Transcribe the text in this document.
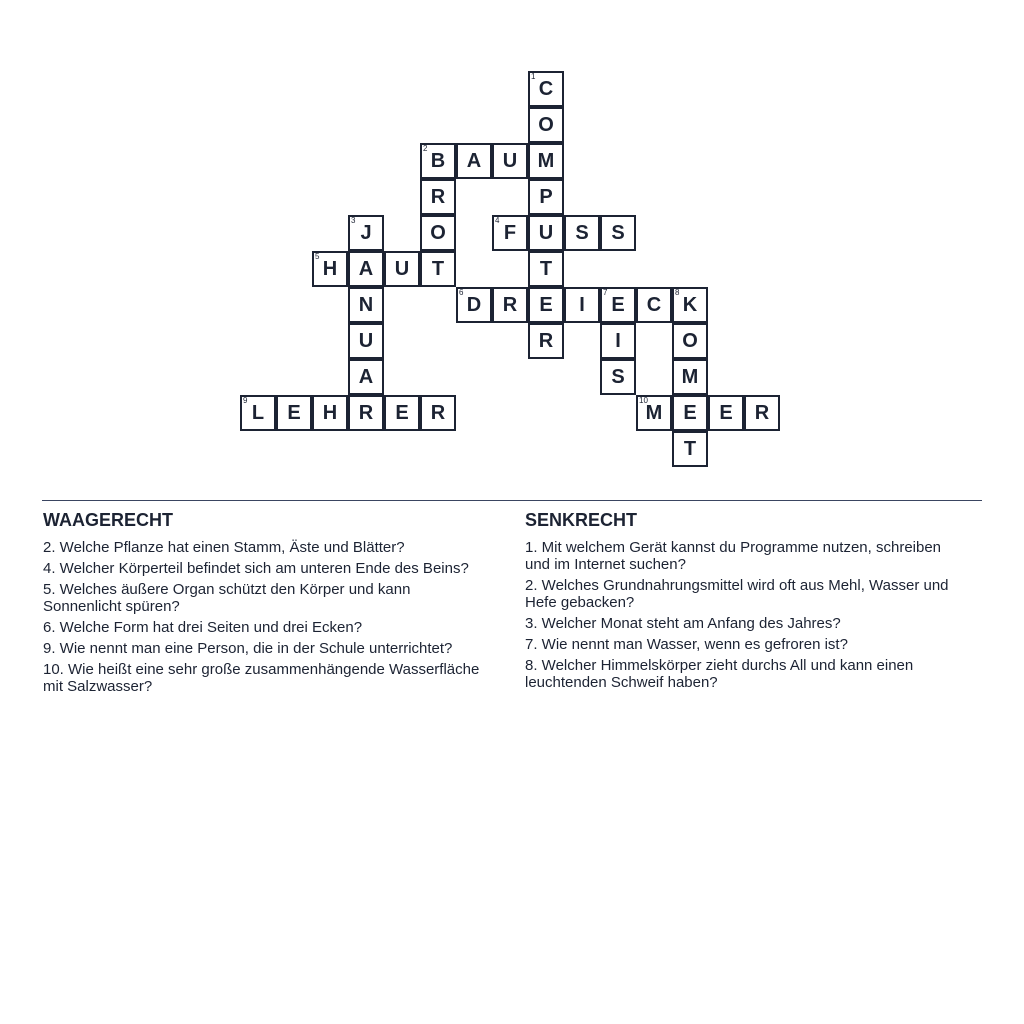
1
C
O
2
B A U M
R	P
3
J	O
4
F U S S
5
H A U T	T
N
6
D R E I
7
E C
8
K
U	R	I	O
A	S	M
9
L E H R E R
10
M E E R
T
WAAGERECHT
2. Welche Pflanze hat einen Stamm, Äste und Blätter?
4. Welcher Körperteil befindet sich am unteren Ende des Beins?
5. Welches äußere Organ schützt den Körper und kann Sonnenlicht spüren?
6. Welche Form hat drei Seiten und drei Ecken?
9. Wie nennt man eine Person, die in der Schule unterrichtet?
10. Wie heißt eine sehr große zusammenhängende Wasserfläche mit Salzwasser?
SENKRECHT
1. Mit welchem Gerät kannst du Programme nutzen, schreiben und im Internet suchen?
2. Welches Grundnahrungsmittel wird oft aus Mehl, Wasser und Hefe gebacken?
3. Welcher Monat steht am Anfang des Jahres?
7. Wie nennt man Wasser, wenn es gefroren ist?
8. Welcher Himmelskörper zieht durchs All und kann einen leuchtenden Schweif haben?
